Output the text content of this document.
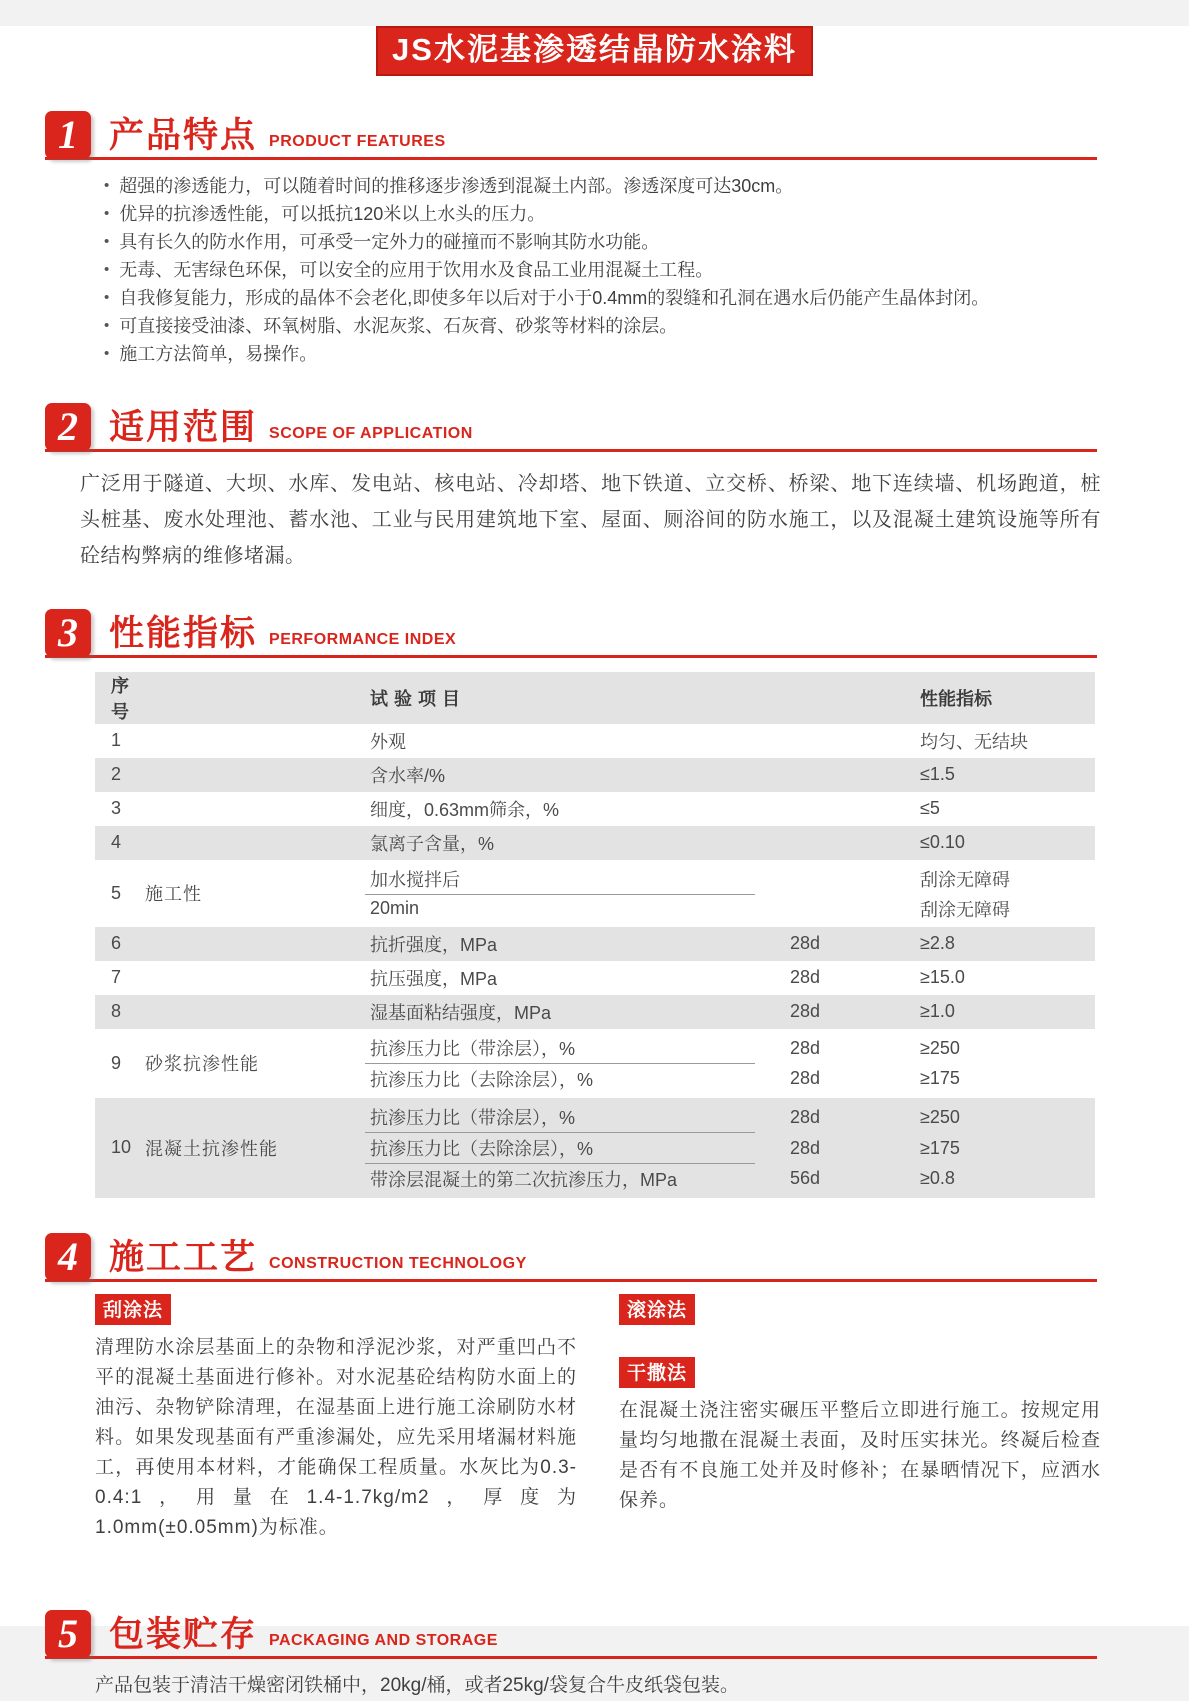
JS水泥基渗透结晶防水涂料
1 产品特点 PRODUCT FEATURES
• 超强的渗透能力，可以随着时间的推移逐步渗透到混凝土内部。渗透深度可达30cm。
• 优异的抗渗透性能，可以抵抗120米以上水头的压力。
• 具有长久的防水作用，可承受一定外力的碰撞而不影响其防水功能。
• 无毒、无害绿色环保，可以安全的应用于饮用水及食品工业用混凝土工程。
• 自我修复能力，形成的晶体不会老化,即使多年以后对于小于0.4mm的裂缝和孔洞在遇水后仍能产生晶体封闭。
• 可直接接受油漆、环氧树脂、水泥灰浆、石灰膏、砂浆等材料的涂层。
• 施工方法简单，易操作。
2 适用范围 SCOPE OF APPLICATION

广泛用于隧道、大坝、水库、发电站、核电站、冷却塔、地下铁道、立交桥、桥梁、地下连续墙、机场跑道，桩头桩基、废水处理池、蓄水池、工业与民用建筑地下室、屋面、厕浴间的防水施工，以及混凝土建筑设施等所有砼结构弊病的维修堵漏。

3 性能指标 PERFORMANCE INDEX
序号
试验项目	性能指标
1	外观	均匀、无结块
2	含水率/%	≤1.5
3	细度，0.63mm筛余，%	≤5
4	氯离子含量，%	≤0.10
5	施工性
加水搅拌后	刮涂无障碍
20min	刮涂无障碍
6	抗折强度，MPa	28d	≥2.8
7	抗压强度，MPa	28d	≥15.0
8	湿基面粘结强度，MPa	28d	≥1.0
9	砂浆抗渗性能
抗渗压力比（带涂层），%	28d	≥250
抗渗压力比（去除涂层），%	28d	≥175
10 混凝土抗渗性能
抗渗压力比（带涂层），%	28d	≥250
抗渗压力比（去除涂层），%	28d	≥175
带涂层混凝土的第二次抗渗压力，MPa	56d	≥0.8
4 施工工艺 CONSTRUCTION TECHNOLOGY
刮涂法

清理防水涂层基面上的杂物和浮泥沙浆，对严重凹凸不平的混凝土基面进行修补。对水泥基砼结构防水面上的油污、杂物铲除清理，在湿基面上进行施工涂刷防水材料。如果发现基面有严重渗漏处，应先采用堵漏材料施工，再使用本材料，才能确保工程质量。水灰比为0.3-0.4:1，用量在1.4-1.7kg/m2，厚度为1.0mm(±0.05mm)为标准。

滚涂法
干撒法

在混凝土浇注密实碾压平整后立即进行施工。按规定用量均匀地撒在混凝土表面，及时压实抹光。终凝后检查是否有不良施工处并及时修补；在暴晒情况下，应洒水保养。

5 包装贮存 PACKAGING AND STORAGE

产品包装于清洁干燥密闭铁桶中，20kg/桶，或者25kg/袋复合牛皮纸袋包装。
